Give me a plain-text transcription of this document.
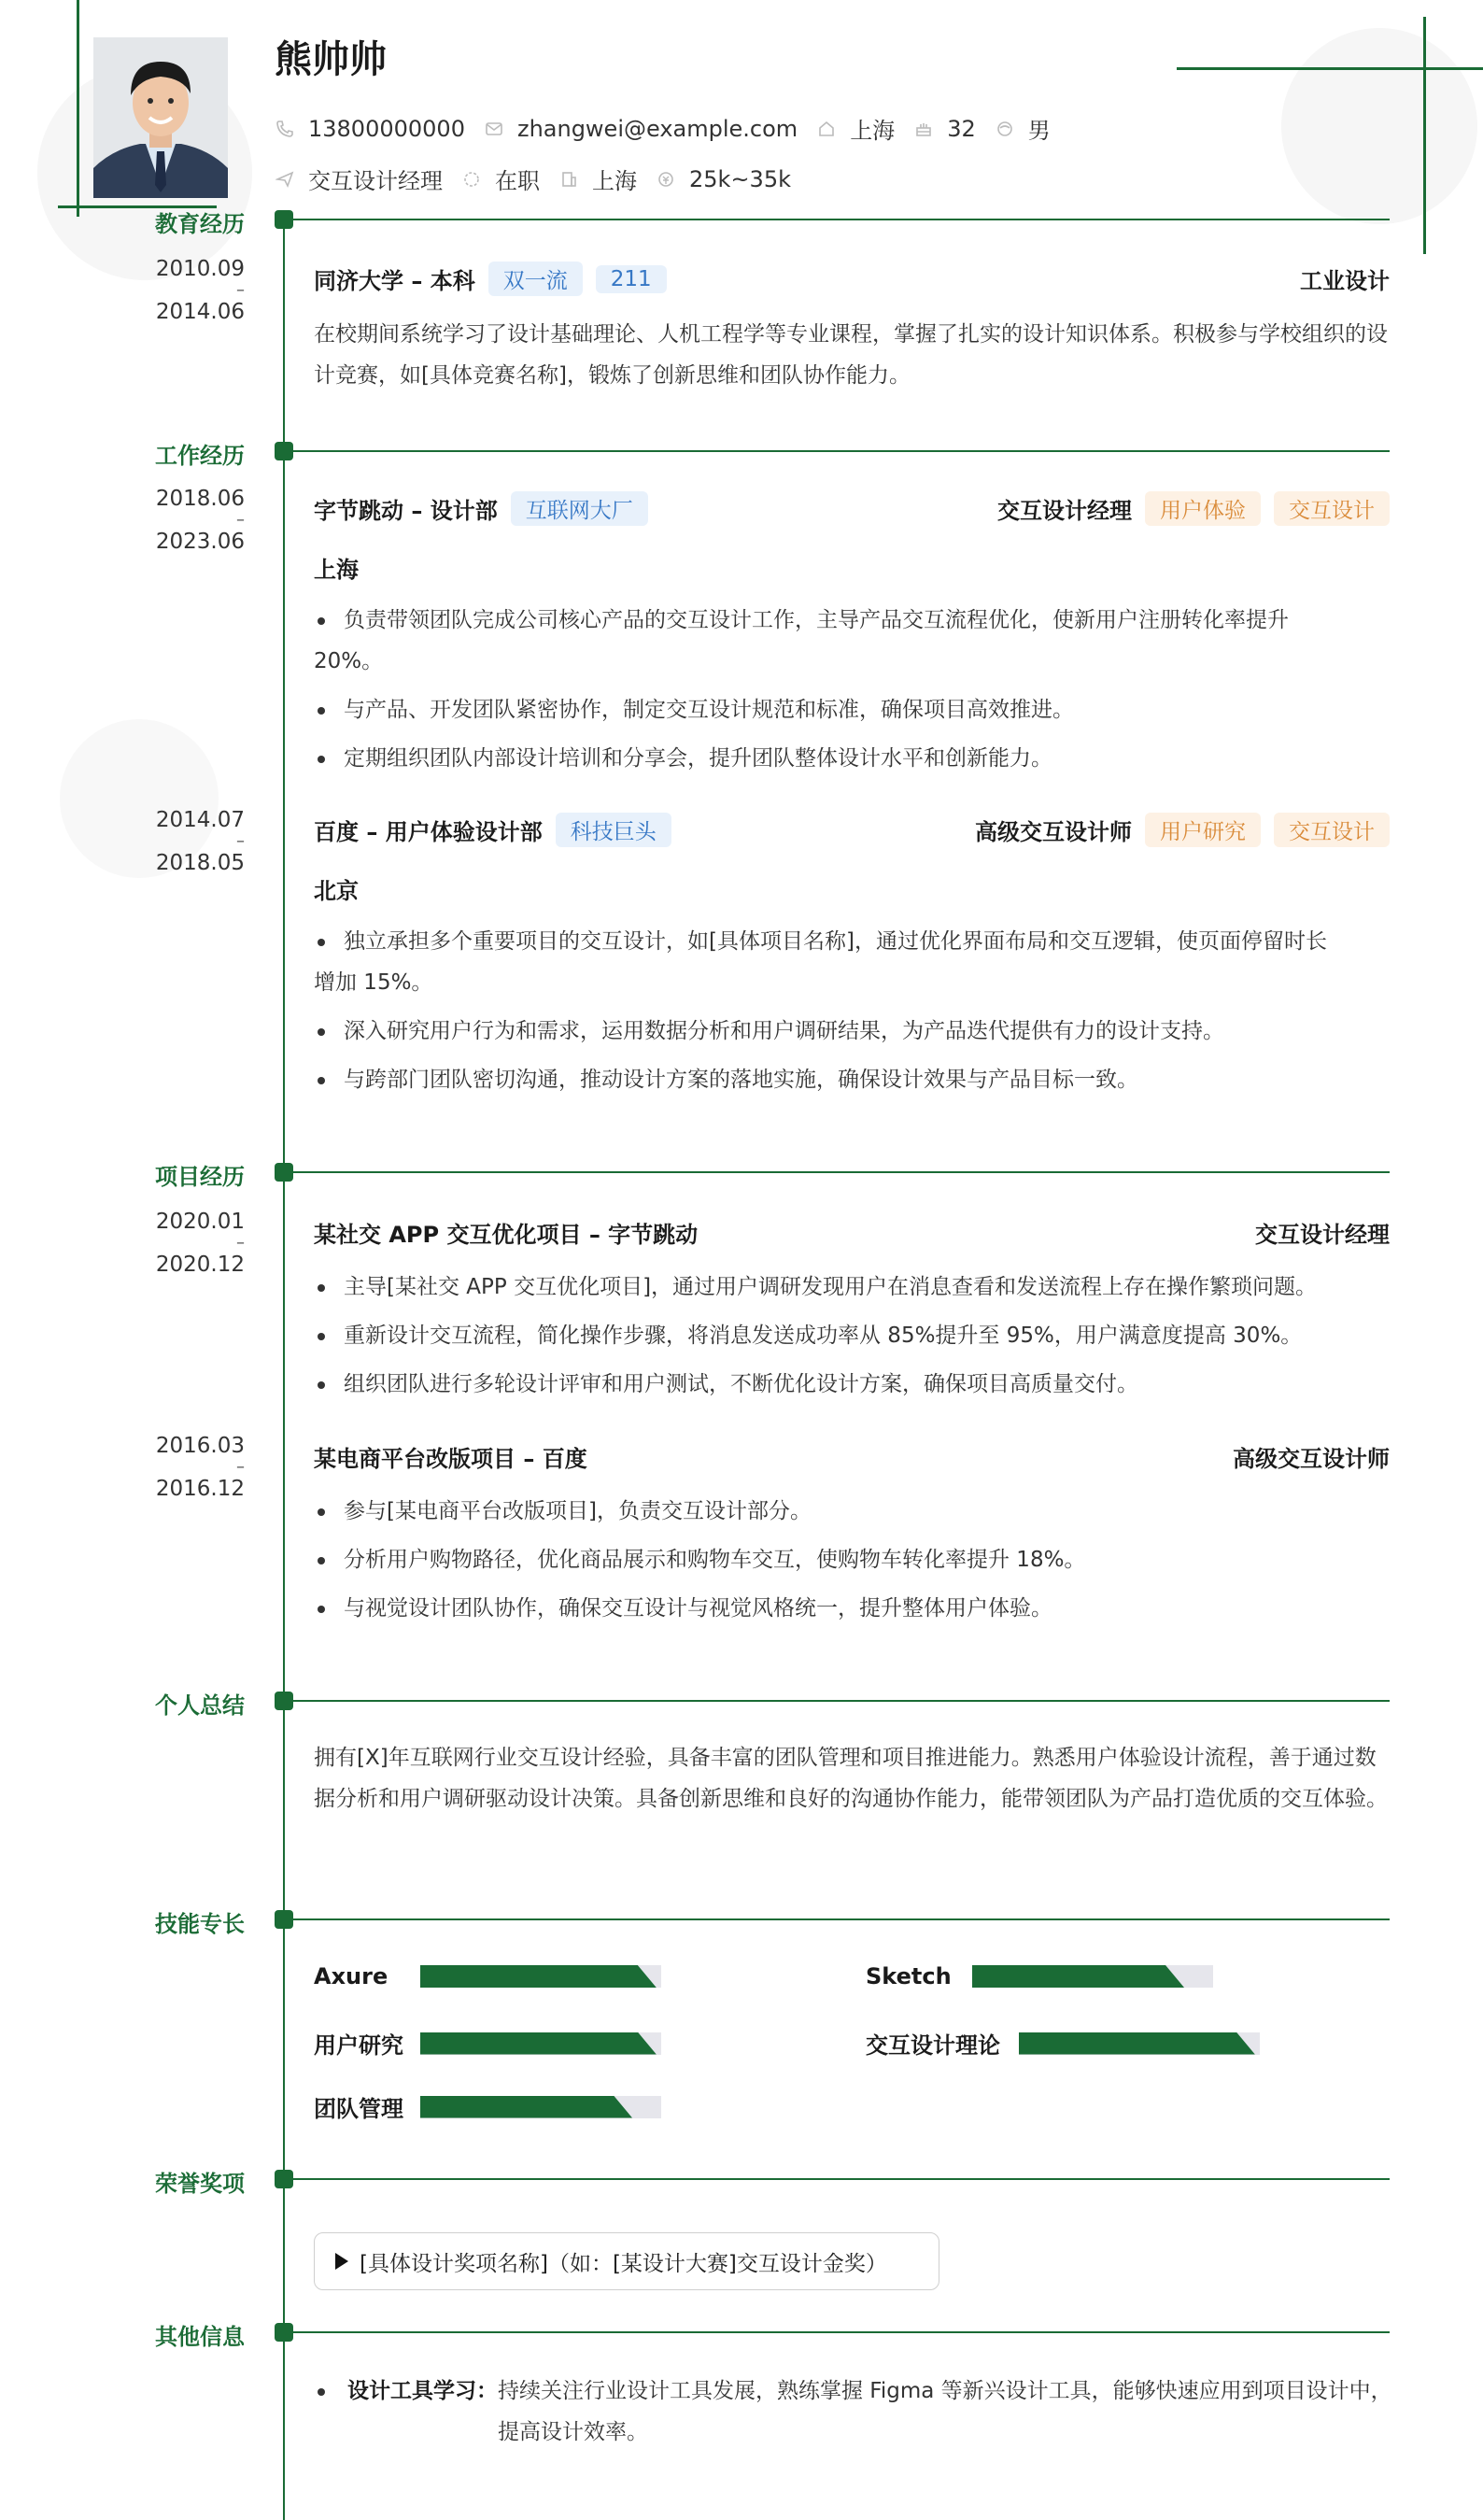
熊帅帅
13800000000 zhangwei@example.com 上海 32 男
交互设计经理 在职 上海 25k~35k
教育经历
2010.09
–
2014.06
同济大学 – 本科	双一流	211	工业设计
在校期间系统学习了设计基础理论、人机工程学等专业课程，掌握了扎实的设计知识体系。积极参与学校组织的设计竞赛，如[具体竞赛名称]，锻炼了创新思维和团队协作能力。
工作经历
2018.06
–
2023.06
字节跳动 – 设计部	互联网大厂	交互设计经理	用户体验	交互设计
上海
负责带领团队完成公司核心产品的交互设计工作，主导产品交互流程优化，使新用户注册转化率提升
20%。
与产品、开发团队紧密协作，制定交互设计规范和标准，确保项目高效推进。
定期组织团队内部设计培训和分享会，提升团队整体设计水平和创新能力。
2014.07
–
2018.05
百度 – 用户体验设计部	科技巨头	高级交互设计师	用户研究	交互设计
北京
独立承担多个重要项目的交互设计，如[具体项目名称]，通过优化界面布局和交互逻辑，使页面停留时长
增加 15%。
深入研究用户行为和需求，运用数据分析和用户调研结果，为产品迭代提供有力的设计支持。
与跨部门团队密切沟通，推动设计方案的落地实施，确保设计效果与产品目标一致。
项目经历
2020.01
–
2020.12
某社交 APP 交互优化项目 – 字节跳动	交互设计经理
主导[某社交 APP 交互优化项目]，通过用户调研发现用户在消息查看和发送流程上存在操作繁琐问题。
重新设计交互流程，简化操作步骤，将消息发送成功率从 85%提升至 95%，用户满意度提高 30%。
组织团队进行多轮设计评审和用户测试，不断优化设计方案，确保项目高质量交付。
2016.03
–
2016.12
某电商平台改版项目 – 百度	高级交互设计师
参与[某电商平台改版项目]，负责交互设计部分。
分析用户购物路径，优化商品展示和购物车交互，使购物车转化率提升 18%。
与视觉设计团队协作，确保交互设计与视觉风格统一，提升整体用户体验。
个人总结
拥有[X]年互联网行业交互设计经验，具备丰富的团队管理和项目推进能力。熟悉用户体验设计流程，善于通过数据分析和用户调研驱动设计决策。具备创新思维和良好的沟通协作能力，能带领团队为产品打造优质的交互体验。
技能专长
Axure	Sketch
用户研究	交互设计理论
团队管理
荣誉奖项
[具体设计奖项名称]（如：[某设计大赛]交互设计金奖）
其他信息
设计工具学习： 持续关注行业设计工具发展，熟练掌握 Figma 等新兴设计工具，能够快速应用到项目设计中，提高设计效率。
